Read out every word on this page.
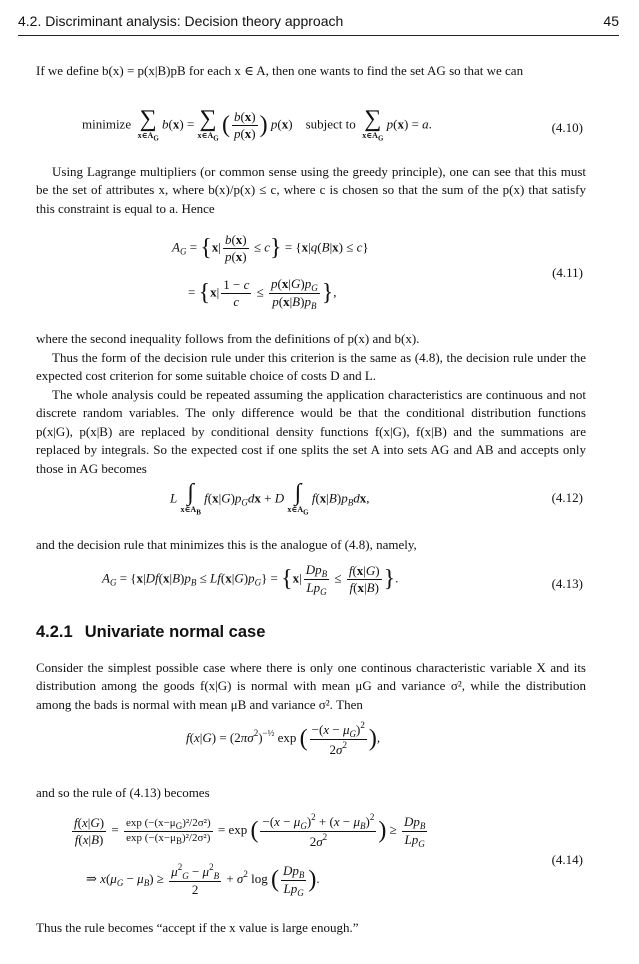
4.2. Discriminant analysis: Decision theory approach	45

If we define b(x) = p(x|B)pB for each x ∈ A, then one wants to find the set AG so that we can

minimize ∑
$x\in A_G$
b(x) = ∑
$x\in A_G$
( $\frac{b(x)}{p(x)}$ ) p(x)    subject to ∑
$x\in A_G$
p(x) = a.	(4.10)

Using Lagrange multipliers (or common sense using the greedy principle), one can see that this must be the set of attributes x, where b(x)/p(x) ≤ c, where c is chosen so that the sum of the p(x) that satisfy this constraint is equal to a. Hence

$A_G = \{x| \frac{b(x)}{p(x)} \le c\} = \{x|q(B|x) \le c\}$
= {$x| \frac{1 - c}{c} \le \frac{p(x|G)p_G}{p(x|B)p_B}$ },
(4.11)

where the second inequality follows from the definitions of p(x) and b(x).

Thus the form of the decision rule under this criterion is the same as (4.8), the decision rule under the expected cost criterion for some suitable choice of costs D and L.

The whole analysis could be repeated assuming the application characteristics are continuous and not discrete random variables. The only difference would be that the conditional distribution functions p(x|G), p(x|B) are replaced by conditional density functions f(x|G), f(x|B) and the summations are replaced by integrals. So the expected cost if one splits the set A into sets AG and AB and accepts only those in AG becomes

L ∫
$x\in A_B$
$f(x|G)p_Gdx + D$ ∫
$x\in A_G$
$f(x|B)p_Bdx$,	(4.12)

and the decision rule that minimizes this is the analogue of (4.8), namely,

$A_G = \{x|Df(x|B)p_B \le Lf(x|G)p_G\} = \{x| \frac{Dp_B}{Lp_G} \le \frac{f(x|G)}{f(x|B)}$ }.	(4.13)
4.2.1 Univariate normal case

Consider the simplest possible case where there is only one continous characteristic variable X and its distribution among the goods f(x|G) is normal with mean μG and variance σ², while the distribution among the bads is normal with mean μB and variance σ². Then

$f(x|G) = (2\pi\sigma^2)^{-\frac{1}{2}}$ exp ( $\frac{-(x - \mu_G)^2}{2\sigma^2}$ ),

and so the rule of (4.13) becomes

$\frac{f(x|G)}{f(x|B)} = \frac{\exp (-(x-\mu_G)^2/2\sigma^2)}{\exp (-(x-\mu_B)^2/2\sigma^2)} = \exp$ ( $\frac{-(x - \mu_G)^2 + (x - \mu_B)^2}{2\sigma^2}$ ) ≥ $\frac{Dp_B}{Lp_G}$
⇒ $x(\mu_G - \mu_B) \ge \frac{\mu^2_G - \mu^2_B}{2} + \sigma^2$ log ( $\frac{Dp_B}{Lp_G}$ ).
(4.14)

Thus the rule becomes “accept if the x value is large enough.”
